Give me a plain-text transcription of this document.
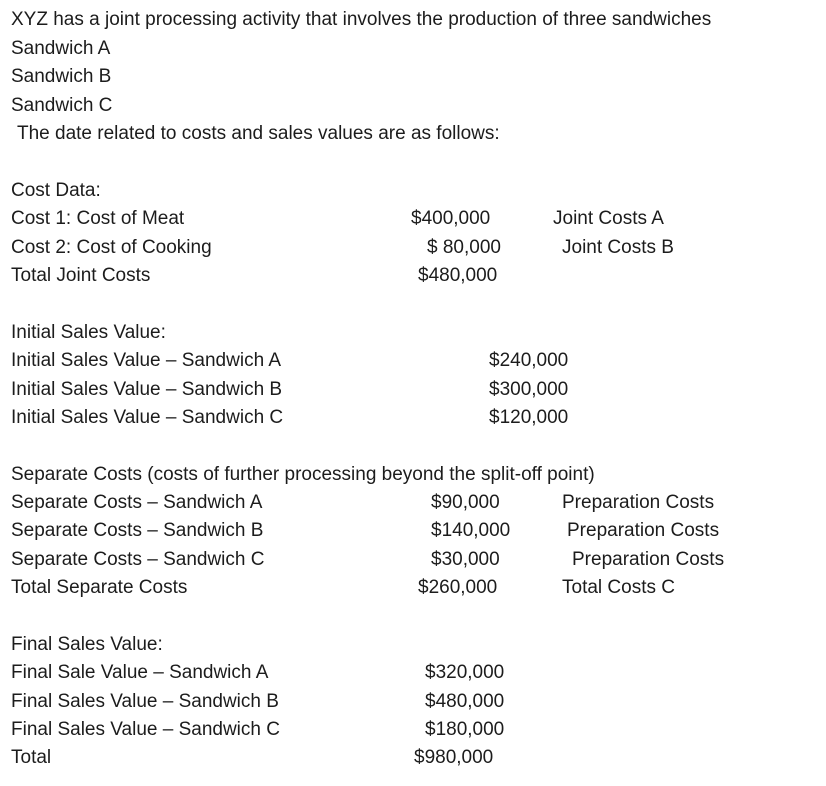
XYZ has a joint processing activity that involves the production of three sandwiches
Sandwich A
Sandwich B
Sandwich C
The date related to costs and sales values are as follows:
Cost Data:
Cost 1: Cost of Meat	$400,000	Joint Costs A
Cost 2: Cost of Cooking	$ 80,000	Joint Costs B
Total Joint Costs	$480,000
Initial Sales Value:
Initial Sales Value – Sandwich A	$240,000
Initial Sales Value – Sandwich B	$300,000
Initial Sales Value – Sandwich C	$120,000
Separate Costs (costs of further processing beyond the split-off point)
Separate Costs – Sandwich A	$90,000	Preparation Costs
Separate Costs – Sandwich B	$140,000	Preparation Costs
Separate Costs – Sandwich C	$30,000	Preparation Costs
Total Separate Costs	$260,000	Total Costs C
Final Sales Value:
Final Sale Value – Sandwich A	$320,000
Final Sales Value – Sandwich B	$480,000
Final Sales Value – Sandwich C	$180,000
Total	$980,000
